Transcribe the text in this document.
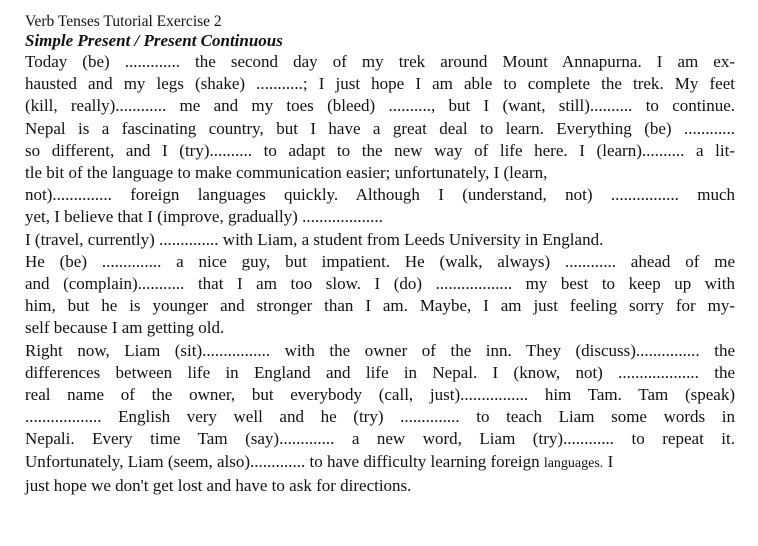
Verb Tenses Tutorial Exercise 2
Simple Present / Present Continuous
Today (be) ............. the second day of my trek around Mount Annapurna. I am ex-
hausted and my legs (shake) ...........; I just hope I am able to complete the trek. My feet
(kill, really)............ me and my toes (bleed) .........., but I (want, still).......... to continue.
Nepal is a fascinating country, but I have a great deal to learn. Everything (be) ............
so different, and I (try).......... to adapt to the new way of life here. I (learn).......... a lit-
tle bit of the language to make communication easier; unfortunately, I (learn,
not).............. foreign languages quickly. Although I (understand, not) ................ much
yet, I believe that I (improve, gradually) ...................
I (travel, currently) .............. with Liam, a student from Leeds University in England.
He (be) .............. a nice guy, but impatient. He (walk, always) ............ ahead of me
and (complain)........... that I am too slow. I (do) .................. my best to keep up with
him, but he is younger and stronger than I am. Maybe, I am just feeling sorry for my-
self because I am getting old.
Right now, Liam (sit)................ with the owner of the inn. They (discuss)............... the
differences between life in England and life in Nepal. I (know, not) ................... the
real name of the owner, but everybody (call, just)................ him Tam. Tam (speak)
.................. English very well and he (try) .............. to teach Liam some words in
Nepali. Every time Tam (say)............. a new word, Liam (try)............ to repeat it.
Unfortunately, Liam (seem, also)............. to have difficulty learning foreign languages. I
just hope we don't get lost and have to ask for directions.
